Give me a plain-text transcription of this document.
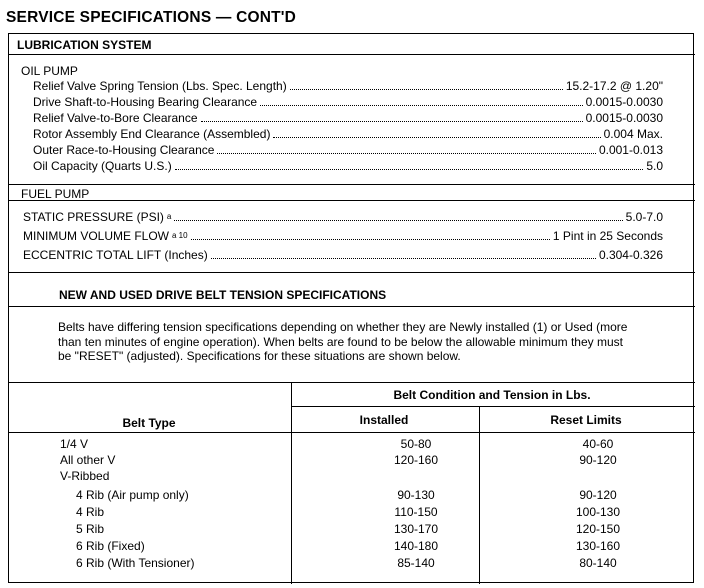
SERVICE SPECIFICATIONS — CONT'D
LUBRICATION SYSTEM
OIL PUMP
Relief Valve Spring Tension (Lbs. Spec. Length)	15.2-17.2 @ 1.20"
Drive Shaft-to-Housing Bearing Clearance	0.0015-0.0030
Relief Valve-to-Bore Clearance	0.0015-0.0030
Rotor Assembly End Clearance (Assembled)	0.004 Max.
Outer Race-to-Housing Clearance	0.001-0.013
Oil Capacity (Quarts U.S.)	5.0
FUEL PUMP
STATIC PRESSURE (PSI) a	5.0-7.0
MINIMUM VOLUME FLOW a 10	1 Pint in 25 Seconds
ECCENTRIC TOTAL LIFT (Inches)	0.304-0.326
NEW AND USED DRIVE BELT TENSION SPECIFICATIONS
Belts have differing tension specifications depending on whether they are Newly installed (1) or Used (more than ten minutes of engine operation). When belts are found to be below the allowable minimum they must be "RESET" (adjusted). Specifications for these situations are shown below.
Belt Condition and Tension in Lbs.
Belt Type	Installed	Reset Limits
1/4 V	50-80	40-60
All other V	120-160	90-120
V-Ribbed
4 Rib (Air pump only)	90-130	90-120
4 Rib	110-150	100-130
5 Rib	130-170	120-150
6 Rib (Fixed)	140-180	130-160
6 Rib (With Tensioner)	85-140	80-140
